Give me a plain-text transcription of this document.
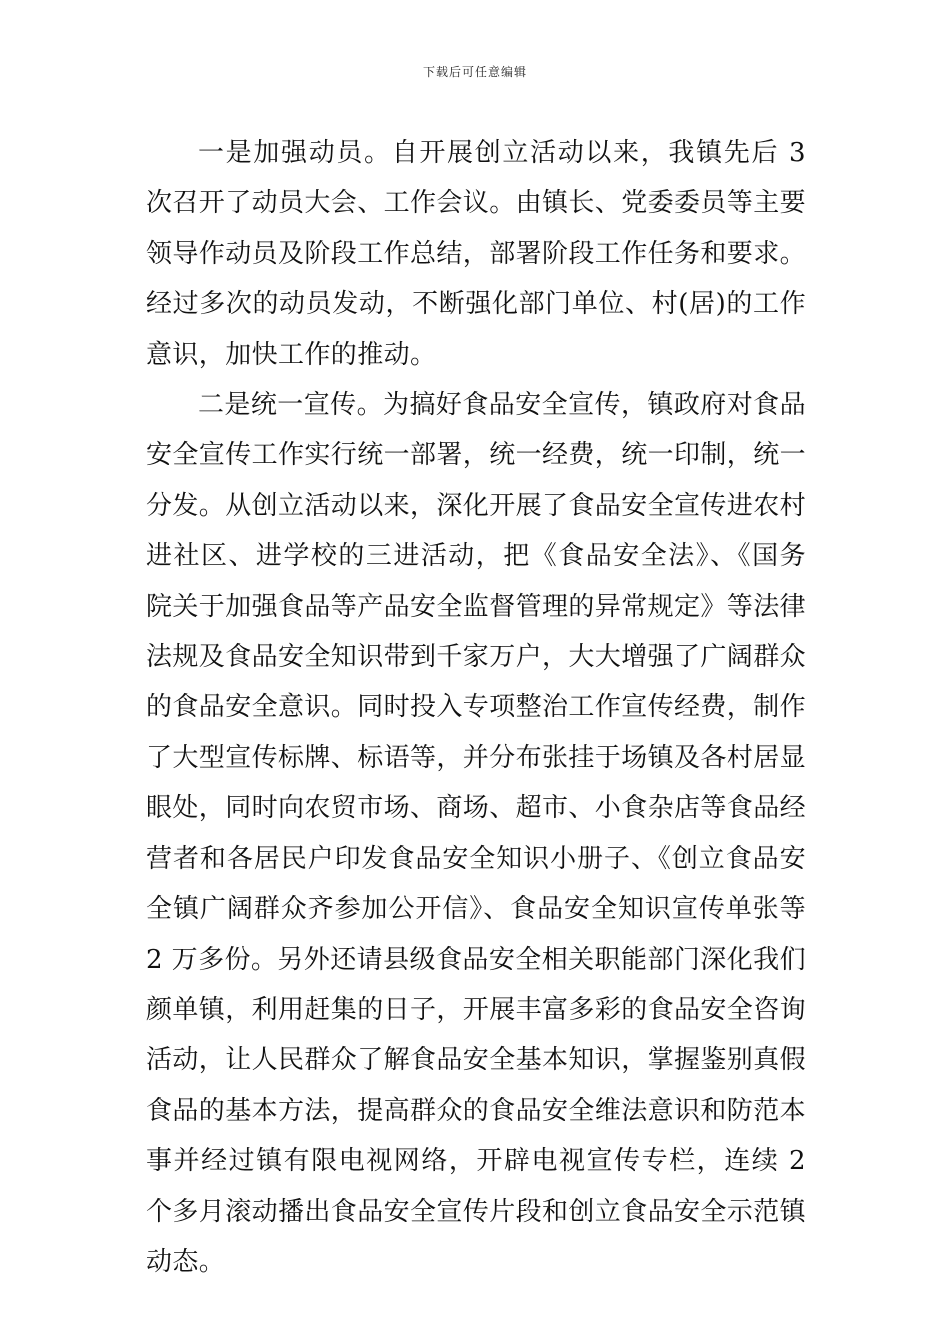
下载后可任意编辑

一是加强动员。自开展创立活动以来，我镇先后 3 次召开了动员大会、工作会议。由镇长、党委委员等主要领导作动员及阶段工作总结，部署阶段工作任务和要求。经过多次的动员发动，不断强化部门单位、村(居)的工作意识，加快工作的推动。

二是统一宣传。为搞好食品安全宣传，镇政府对食品安全宣传工作实行统一部署，统一经费，统一印制，统一分发。从创立活动以来，深化开展了食品安全宣传进农村进社区、进学校的三进活动，把《食品安全法》、《国务院关于加强食品等产品安全监督管理的异常规定》等法律法规及食品安全知识带到千家万户，大大增强了广阔群众的食品安全意识。同时投入专项整治工作宣传经费，制作了大型宣传标牌、标语等，并分布张挂于场镇及各村居显眼处，同时向农贸市场、商场、超市、小食杂店等食品经营者和各居民户印发食品安全知识小册子、《创立食品安全镇广阔群众齐参加公开信》、食品安全知识宣传单张等 2 万多份。另外还请县级食品安全相关职能部门深化我们颜单镇，利用赶集的日子，开展丰富多彩的食品安全咨询活动，让人民群众了解食品安全基本知识，掌握鉴别真假食品的基本方法，提高群众的食品安全维法意识和防范本事并经过镇有限电视网络，开辟电视宣传专栏，连续 2 个多月滚动播出食品安全宣传片段和创立食品安全示范镇动态。
